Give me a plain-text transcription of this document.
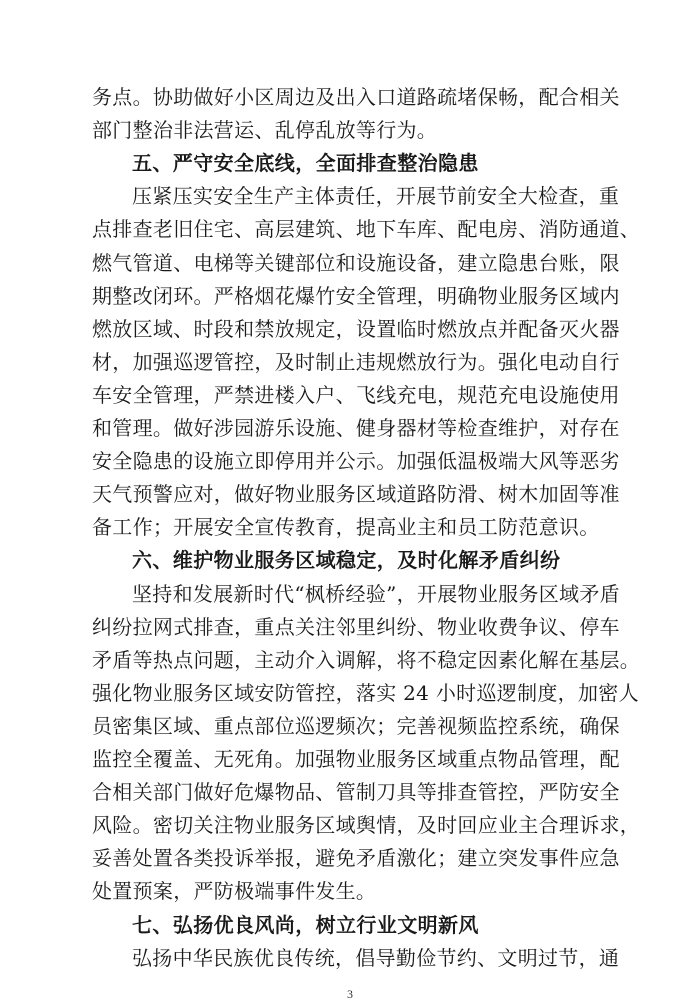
务点。协助做好小区周边及出入口道路疏堵保畅，配合相关
部门整治非法营运、乱停乱放等行为。
五、严守安全底线，全面排查整治隐患
压紧压实安全生产主体责任，开展节前安全大检查，重
点排查老旧住宅、高层建筑、地下车库、配电房、消防通道、
燃气管道、电梯等关键部位和设施设备，建立隐患台账，限
期整改闭环。严格烟花爆竹安全管理，明确物业服务区域内
燃放区域、时段和禁放规定，设置临时燃放点并配备灭火器
材，加强巡逻管控，及时制止违规燃放行为。强化电动自行
车安全管理，严禁进楼入户、飞线充电，规范充电设施使用
和管理。做好涉园游乐设施、健身器材等检查维护，对存在
安全隐患的设施立即停用并公示。加强低温极端大风等恶劣
天气预警应对，做好物业服务区域道路防滑、树木加固等准
备工作；开展安全宣传教育，提高业主和员工防范意识。
六、维护物业服务区域稳定，及时化解矛盾纠纷
坚持和发展新时代“枫桥经验”，开展物业服务区域矛盾
纠纷拉网式排查，重点关注邻里纠纷、物业收费争议、停车
矛盾等热点问题，主动介入调解，将不稳定因素化解在基层。
强化物业服务区域安防管控，落实 24 小时巡逻制度，加密人
员密集区域、重点部位巡逻频次；完善视频监控系统，确保
监控全覆盖、无死角。加强物业服务区域重点物品管理，配
合相关部门做好危爆物品、管制刀具等排查管控，严防安全
风险。密切关注物业服务区域舆情，及时回应业主合理诉求，
妥善处置各类投诉举报，避免矛盾激化；建立突发事件应急
处置预案，严防极端事件发生。
七、弘扬优良风尚，树立行业文明新风
弘扬中华民族优良传统，倡导勤俭节约、文明过节，通
3
